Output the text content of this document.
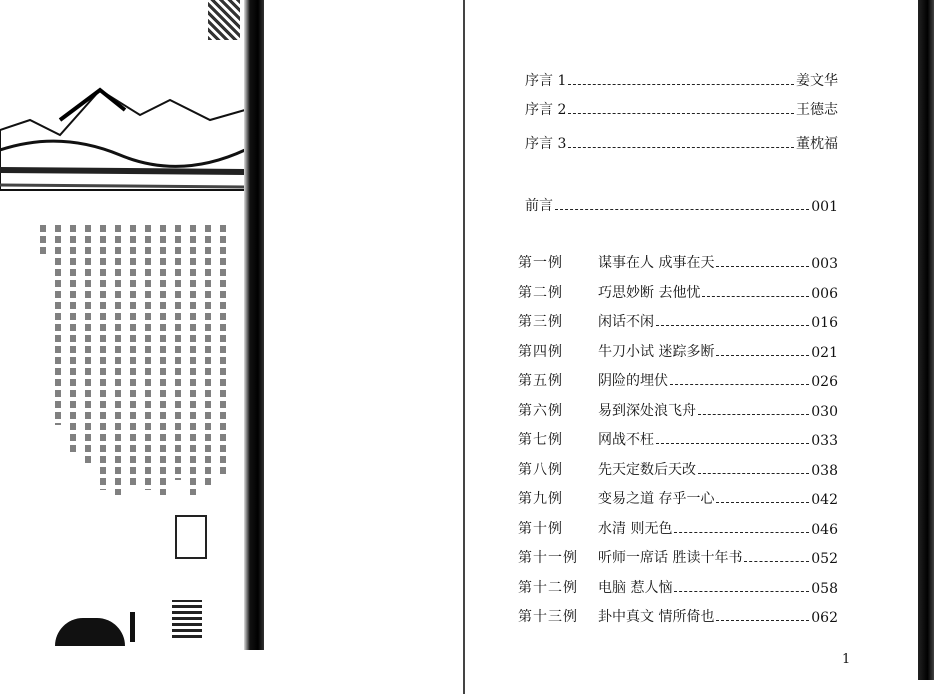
序言 1	姜文华
序言 2	王德志
序言 3	董枕福
前言	001
第一例	谋事在人 成事在天	003
第二例	巧思妙断 去他忧	006
第三例	闲话不闲	016
第四例	牛刀小试 迷踪多断	021
第五例	阴险的埋伏	026
第六例	易到深处浪飞舟	030
第七例	网战不枉	033
第八例	先天定数后天改	038
第九例	变易之道 存乎一心	042
第十例	水清 则无色	046
第十一例	听师一席话 胜读十年书	052
第十二例	电脑 惹人恼	058
第十三例	卦中真文 情所倚也	062
1
